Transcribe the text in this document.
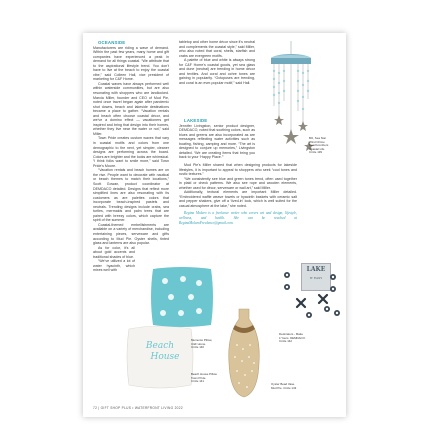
OCEANSIDE

Manufacturers are riding a wave of demand. Within the past few years, many home and gift companies have experienced a peak in demand for all things coastal. “We attribute that to the aspirational lifestyle trend. You don’t have to live at the beach to enjoy the coastal vibe,” said Colleen Hall, vice president of marketing for C&F Home.

Coastal waves have always performed well within waterside communities, but are also resonating with shoppers who are landlocked. Marcia Miller, founder and CEO of Mud Pie, noted once travel began again after pandemic shut downs, beach and lakeside destinations became a place to gather. “Vacation rentals and beach often choose coastal décor, and we’ve a domino effect — vacationers get inspired and bring that design into their homes, whether they live near the water or not,” said Miller.

Town Pride creates custom waves that vary in coastal motifs and colors from one demographic to the next, yet simpler, cleaner designs are performing across the board. Colors are brighter and the looks are whimsical. “I think folks want to smile more,” said Town Pride’s Moore.

“Vacation rentals and beach homes are on the rise. People want to decorate with nautical or beach themes to match their locations,” Scott Gowan, product coordinator at DEMDACO detailed. Designs that reflect more simplified lines are also resonating with its customers as are palettes colors that incorporate beach-inspired pastels and neutrals. Trending designs include crabs, sea turtles, mermaids and palm trees that are paired with breezy colors, which capture the spirit of the summer.

Coastal-themed embellishments are available on a variety of merchandise, including entertaining pieces, serveware and gifts according to Mud Pie. Oyster shells, tinted glass and lanterns are also popular.

As for color, it’s all about gold accents and traditional shades of blue.

“We’ve utilized a lot of water hyacinth, which mixes well with

tabletop and other home décor since it’s neutral and complements the coastal style,” said Miller, who also noted that coral, shells, starfish and crabs are evergreen motifs.

A palette of blue and white is always strong for C&F Home’s coastal goods, yet sea glass and dune (neutral) are trending in home décor and textiles. And coral and ochre tones are gaining in popularity. “Octopuses are trending, and coral is an ever-popular motif,” said Hall.

LAKESIDE

Jennifer Livingston, senior product designer, DEMDACO, noted that soothing colors, such as blues and greens are also incorporated as are messages reflecting water activities such as boating, fishing, camping and more. “The art is designed to conjure up memories,” Livingston detailed. “We are creating items that bring you back to your ‘Happy Place.’”

Mud Pie’s Miller shared that when designing products for lakeside lifestyles, it is important to appeal to shoppers who seek “cool tones and rustic textures.”

“We consistently see blue and green tones trend, often used together in plaid or check patterns. We also see rope and wooden elements, whether used for décor, serveware or wall art,” said Miller.

Additionally, textural elements are important Miller detailed. “Embroidered waffle weave towels or hyacinth baskets with ceramic salt and pepper shakers, give off a ‘lived-in’ look, which is well suited for the casual atmosphere at the lake,” she noted.

Regina Molaro is a freelance writer who covers art and design, lifestyle, wellness, and health. She can be reached at ReginaMolaroFreelance@gmail.com.

BO, Sea Star
Wind Chime
Beachcombers
Coastal Life.
Circle 139
Oyster Bead Vase.
Mud Pie. Circle 143
Beach
House
Beach House Pillow.
Town Pride.
Circle 141
Memento Pillow,
C&F Home.
Circle 140
LAKE
IT EASY
Dedorators - Make
it Yours. DEMDACO.
Circle 142
72 | GIFT SHOP PLUS • WATERFRONT LIVING 2022
